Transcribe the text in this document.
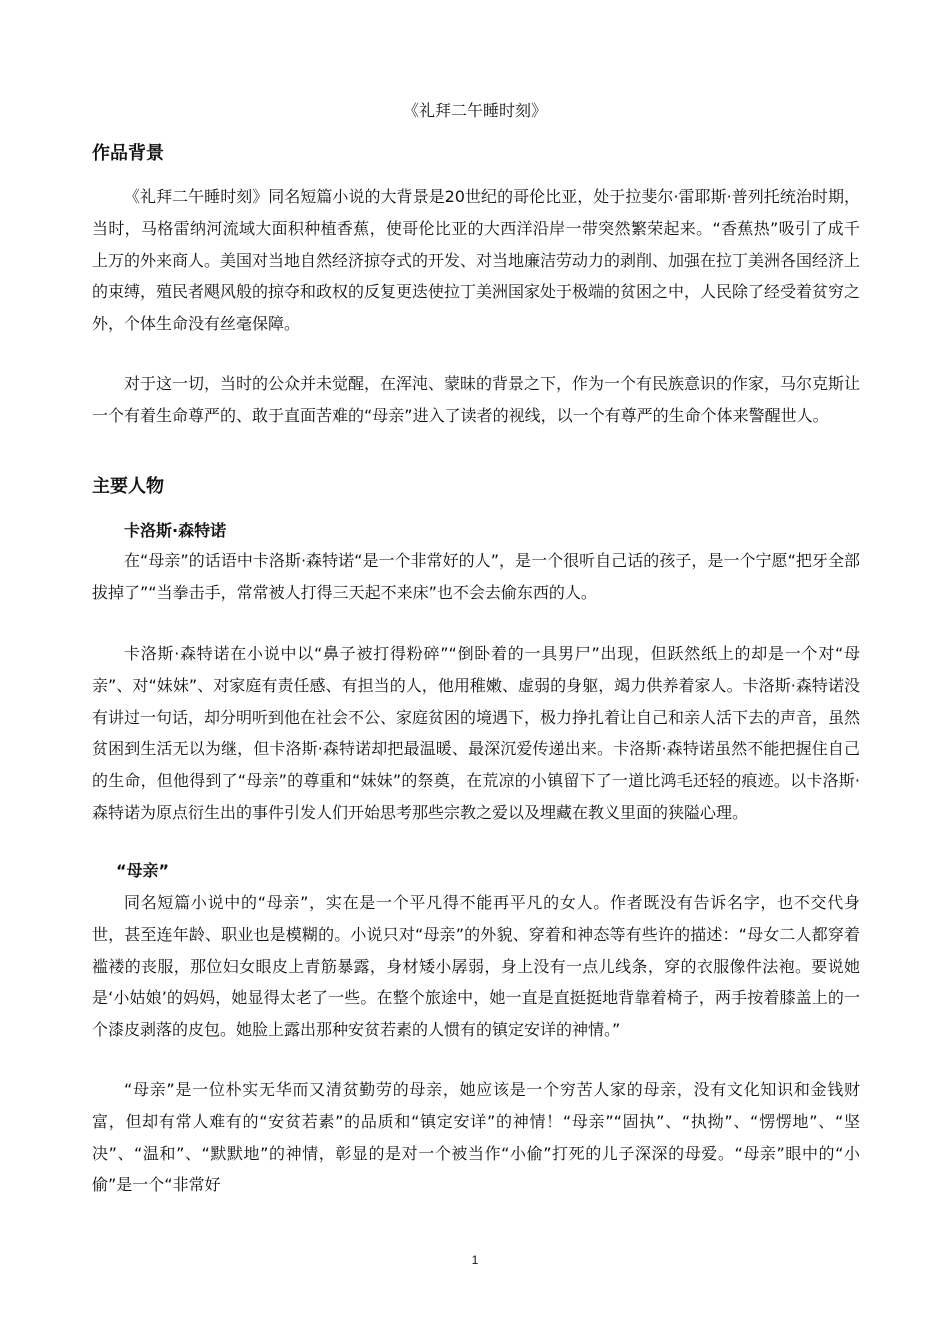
《礼拜二午睡时刻》
作品背景

《礼拜二午睡时刻》同名短篇小说的大背景是20世纪的哥伦比亚，处于拉斐尔·雷耶斯·普列托统治时期，当时，马格雷纳河流域大面积种植香蕉，使哥伦比亚的大西洋沿岸一带突然繁荣起来。“香蕉热”吸引了成千上万的外来商人。美国对当地自然经济掠夺式的开发、对当地廉洁劳动力的剥削、加强在拉丁美洲各国经济上的束缚，殖民者飓风般的掠夺和政权的反复更迭使拉丁美洲国家处于极端的贫困之中，人民除了经受着贫穷之外，个体生命没有丝毫保障。

对于这一切，当时的公众并未觉醒，在浑沌、蒙昧的背景之下，作为一个有民族意识的作家，马尔克斯让一个有着生命尊严的、敢于直面苦难的“母亲”进入了读者的视线，以一个有尊严的生命个体来警醒世人。

主要人物
卡洛斯·森特诺

在“母亲”的话语中卡洛斯·森特诺“是一个非常好的人”，是一个很听自己话的孩子，是一个宁愿“把牙全部拔掉了”“当拳击手，常常被人打得三天起不来床”也不会去偷东西的人。

卡洛斯·森特诺在小说中以“鼻子被打得粉碎”“倒卧着的一具男尸”出现，但跃然纸上的却是一个对“母亲”、对“妹妹”、对家庭有责任感、有担当的人，他用稚嫩、虚弱的身躯，竭力供养着家人。卡洛斯·森特诺没有讲过一句话，却分明听到他在社会不公、家庭贫困的境遇下，极力挣扎着让自己和亲人活下去的声音，虽然贫困到生活无以为继，但卡洛斯·森特诺却把最温暖、最深沉爱传递出来。卡洛斯·森特诺虽然不能把握住自己的生命，但他得到了“母亲”的尊重和“妹妹”的祭奠，在荒凉的小镇留下了一道比鸿毛还轻的痕迹。以卡洛斯·森特诺为原点衍生出的事件引发人们开始思考那些宗教之爱以及埋藏在教义里面的狭隘心理。

“母亲”

同名短篇小说中的“母亲”，实在是一个平凡得不能再平凡的女人。作者既没有告诉名字，也不交代身世，甚至连年龄、职业也是模糊的。小说只对“母亲”的外貌、穿着和神态等有些许的描述：“母女二人都穿着褴褛的丧服，那位妇女眼皮上青筋暴露，身材矮小孱弱，身上没有一点儿线条，穿的衣服像件法袍。要说她是‘小姑娘’的妈妈，她显得太老了一些。在整个旅途中，她一直是直挺挺地背靠着椅子，两手按着膝盖上的一个漆皮剥落的皮包。她脸上露出那种安贫若素的人惯有的镇定安详的神情。”

“母亲”是一位朴实无华而又清贫勤劳的母亲，她应该是一个穷苦人家的母亲，没有文化知识和金钱财富，但却有常人难有的“安贫若素”的品质和“镇定安详”的神情！“母亲”“固执”、“执拗”、“愣愣地”、“坚决”、“温和”、“默默地”的神情，彰显的是对一个被当作“小偷”打死的儿子深深的母爱。“母亲”眼中的“小偷”是一个“非常好

1
